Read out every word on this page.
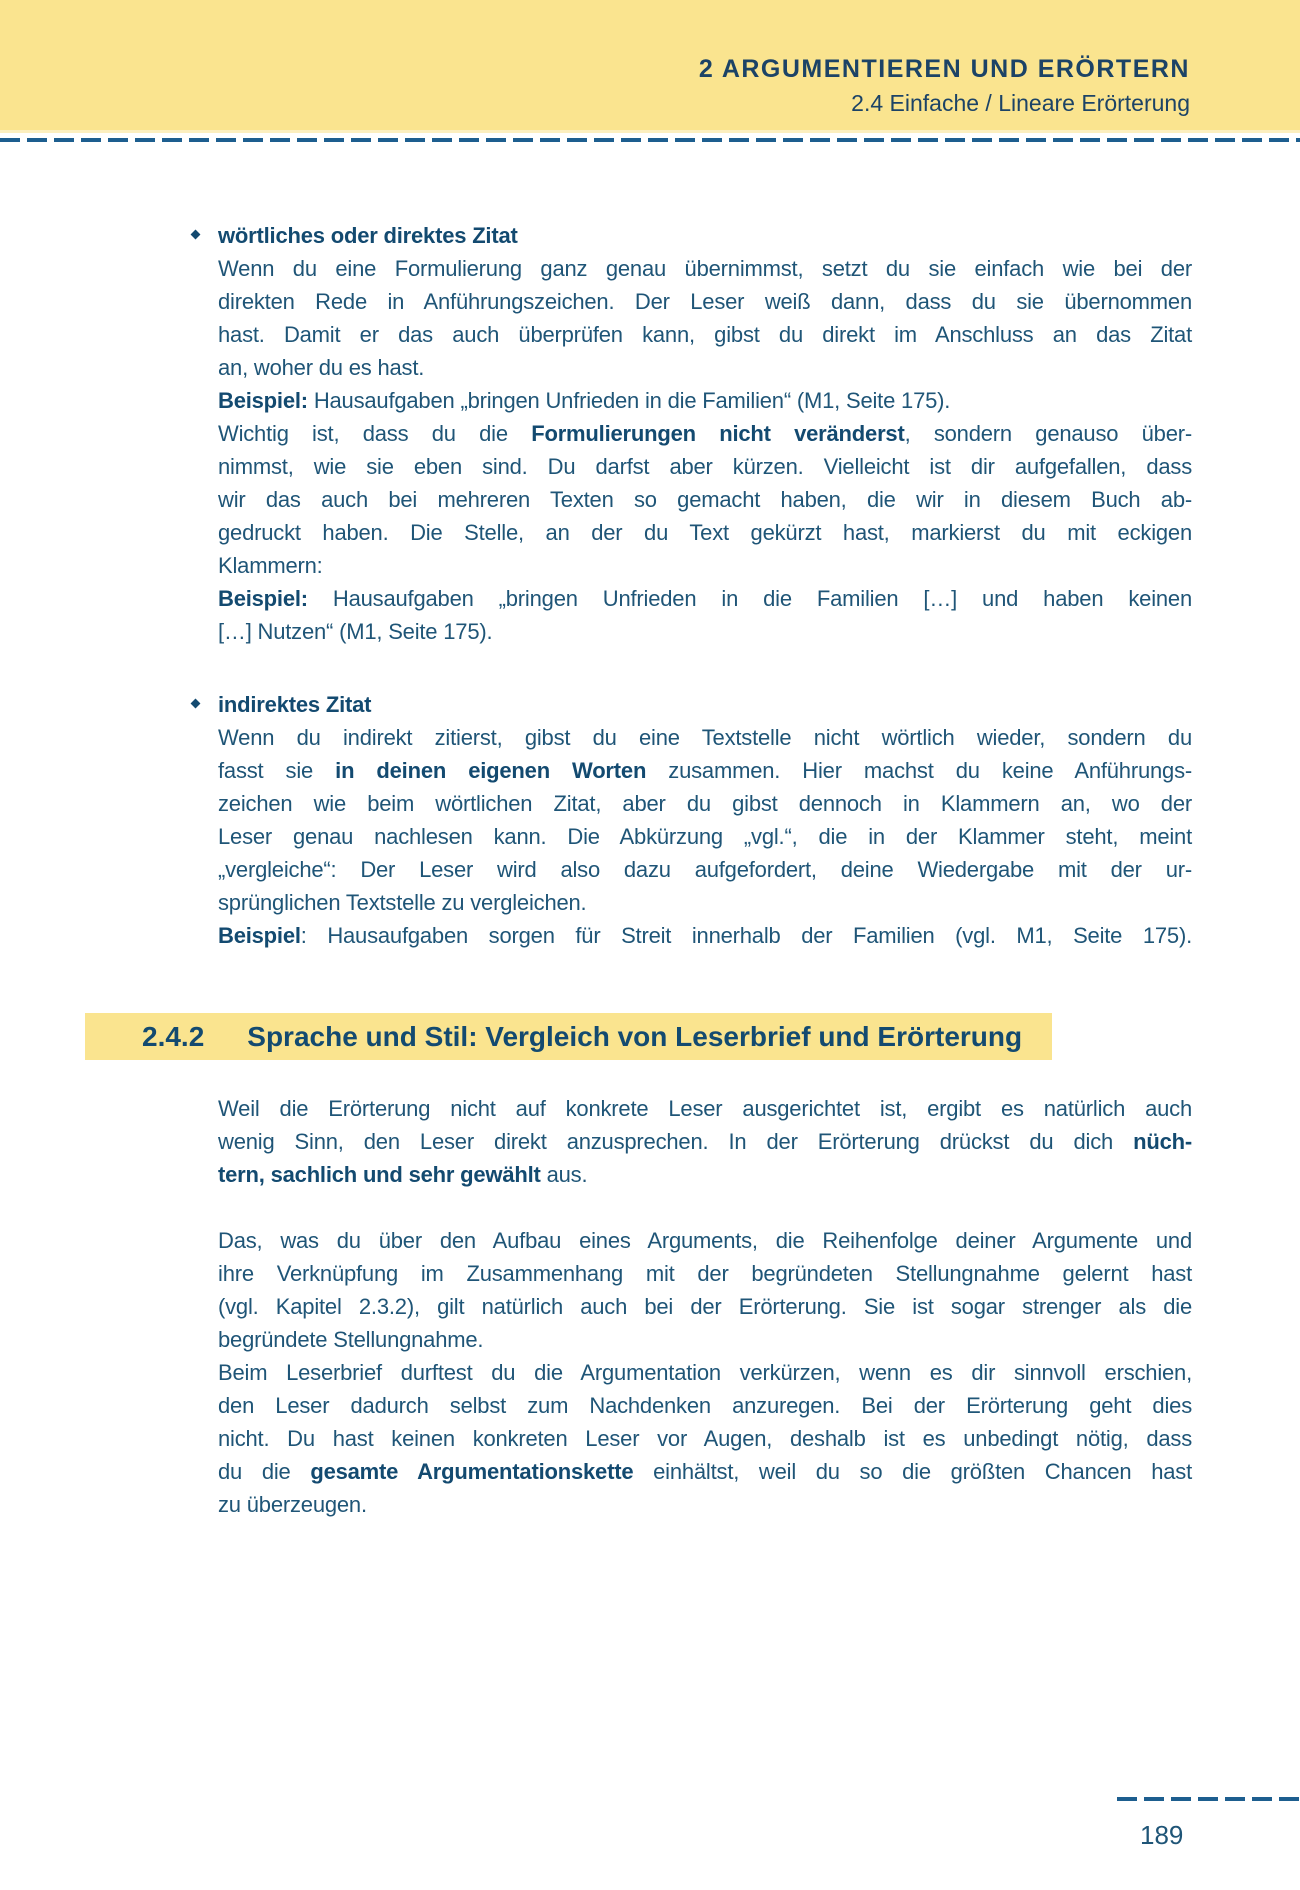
2 ARGUMENTIEREN UND ERÖRTERN
2.4 Einfache / Lineare Erörterung
wörtliches oder direktes Zitat
Wenn du eine Formulierung ganz genau übernimmst, setzt du sie einfach wie bei der
direkten Rede in Anführungszeichen. Der Leser weiß dann, dass du sie übernommen
hast. Damit er das auch überprüfen kann, gibst du direkt im Anschluss an das Zitat
an, woher du es hast.
Beispiel: Hausaufgaben „bringen Unfrieden in die Familien“ (M1, Seite 175).
Wichtig ist, dass du die Formulierungen nicht veränderst, sondern genauso über-
nimmst, wie sie eben sind. Du darfst aber kürzen. Vielleicht ist dir aufgefallen, dass
wir das auch bei mehreren Texten so gemacht haben, die wir in diesem Buch ab-
gedruckt haben. Die Stelle, an der du Text gekürzt hast, markierst du mit eckigen
Klammern:
Beispiel: Hausaufgaben „bringen Unfrieden in die Familien […] und haben keinen
[…] Nutzen“ (M1, Seite 175).
indirektes Zitat
Wenn du indirekt zitierst, gibst du eine Textstelle nicht wörtlich wieder, sondern du
fasst sie in deinen eigenen Worten zusammen. Hier machst du keine Anführungs-
zeichen wie beim wörtlichen Zitat, aber du gibst dennoch in Klammern an, wo der
Leser genau nachlesen kann. Die Abkürzung „vgl.“, die in der Klammer steht, meint
„vergleiche“: Der Leser wird also dazu aufgefordert, deine Wiedergabe mit der ur-
sprünglichen Textstelle zu vergleichen.
Beispiel: Hausaufgaben sorgen für Streit innerhalb der Familien (vgl. M1, Seite 175).
2.4.2 Sprache und Stil: Vergleich von Leserbrief und Erörterung
Weil die Erörterung nicht auf konkrete Leser ausgerichtet ist, ergibt es natürlich auch
wenig Sinn, den Leser direkt anzusprechen. In der Erörterung drückst du dich nüch-
tern, sachlich und sehr gewählt aus.
Das, was du über den Aufbau eines Arguments, die Reihenfolge deiner Argumente und
ihre Verknüpfung im Zusammenhang mit der begründeten Stellungnahme gelernt hast
(vgl. Kapitel 2.3.2), gilt natürlich auch bei der Erörterung. Sie ist sogar strenger als die
begründete Stellungnahme.
Beim Leserbrief durftest du die Argumentation verkürzen, wenn es dir sinnvoll erschien,
den Leser dadurch selbst zum Nachdenken anzuregen. Bei der Erörterung geht dies
nicht. Du hast keinen konkreten Leser vor Augen, deshalb ist es unbedingt nötig, dass
du die gesamte Argumentationskette einhältst, weil du so die größten Chancen hast
zu überzeugen.
189
